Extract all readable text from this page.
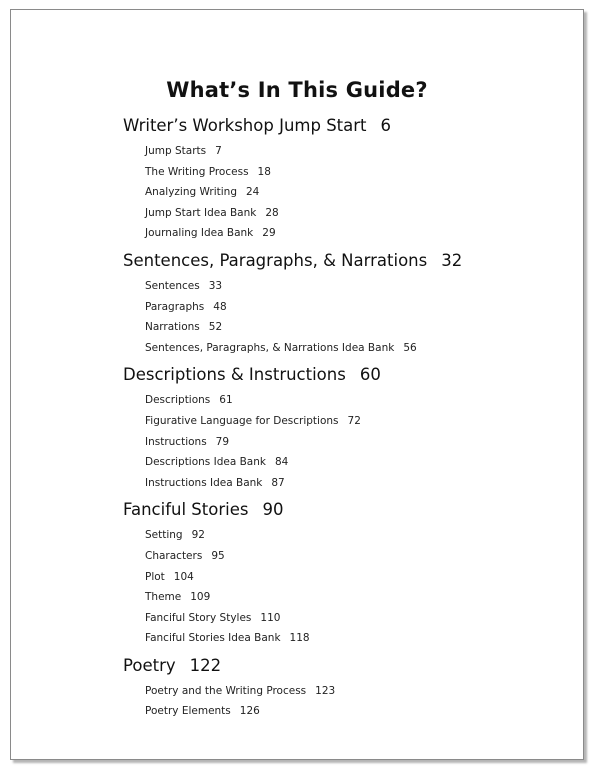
What’s In This Guide?
Writer’s Workshop Jump Start 6
Jump Starts 7
The Writing Process 18
Analyzing Writing 24
Jump Start Idea Bank 28
Journaling Idea Bank 29
Sentences, Paragraphs, & Narrations 32
Sentences 33
Paragraphs 48
Narrations 52
Sentences, Paragraphs, & Narrations Idea Bank 56
Descriptions & Instructions 60
Descriptions 61
Figurative Language for Descriptions 72
Instructions 79
Descriptions Idea Bank 84
Instructions Idea Bank 87
Fanciful Stories 90
Setting 92
Characters 95
Plot 104
Theme 109
Fanciful Story Styles 110
Fanciful Stories Idea Bank 118
Poetry 122
Poetry and the Writing Process 123
Poetry Elements 126
